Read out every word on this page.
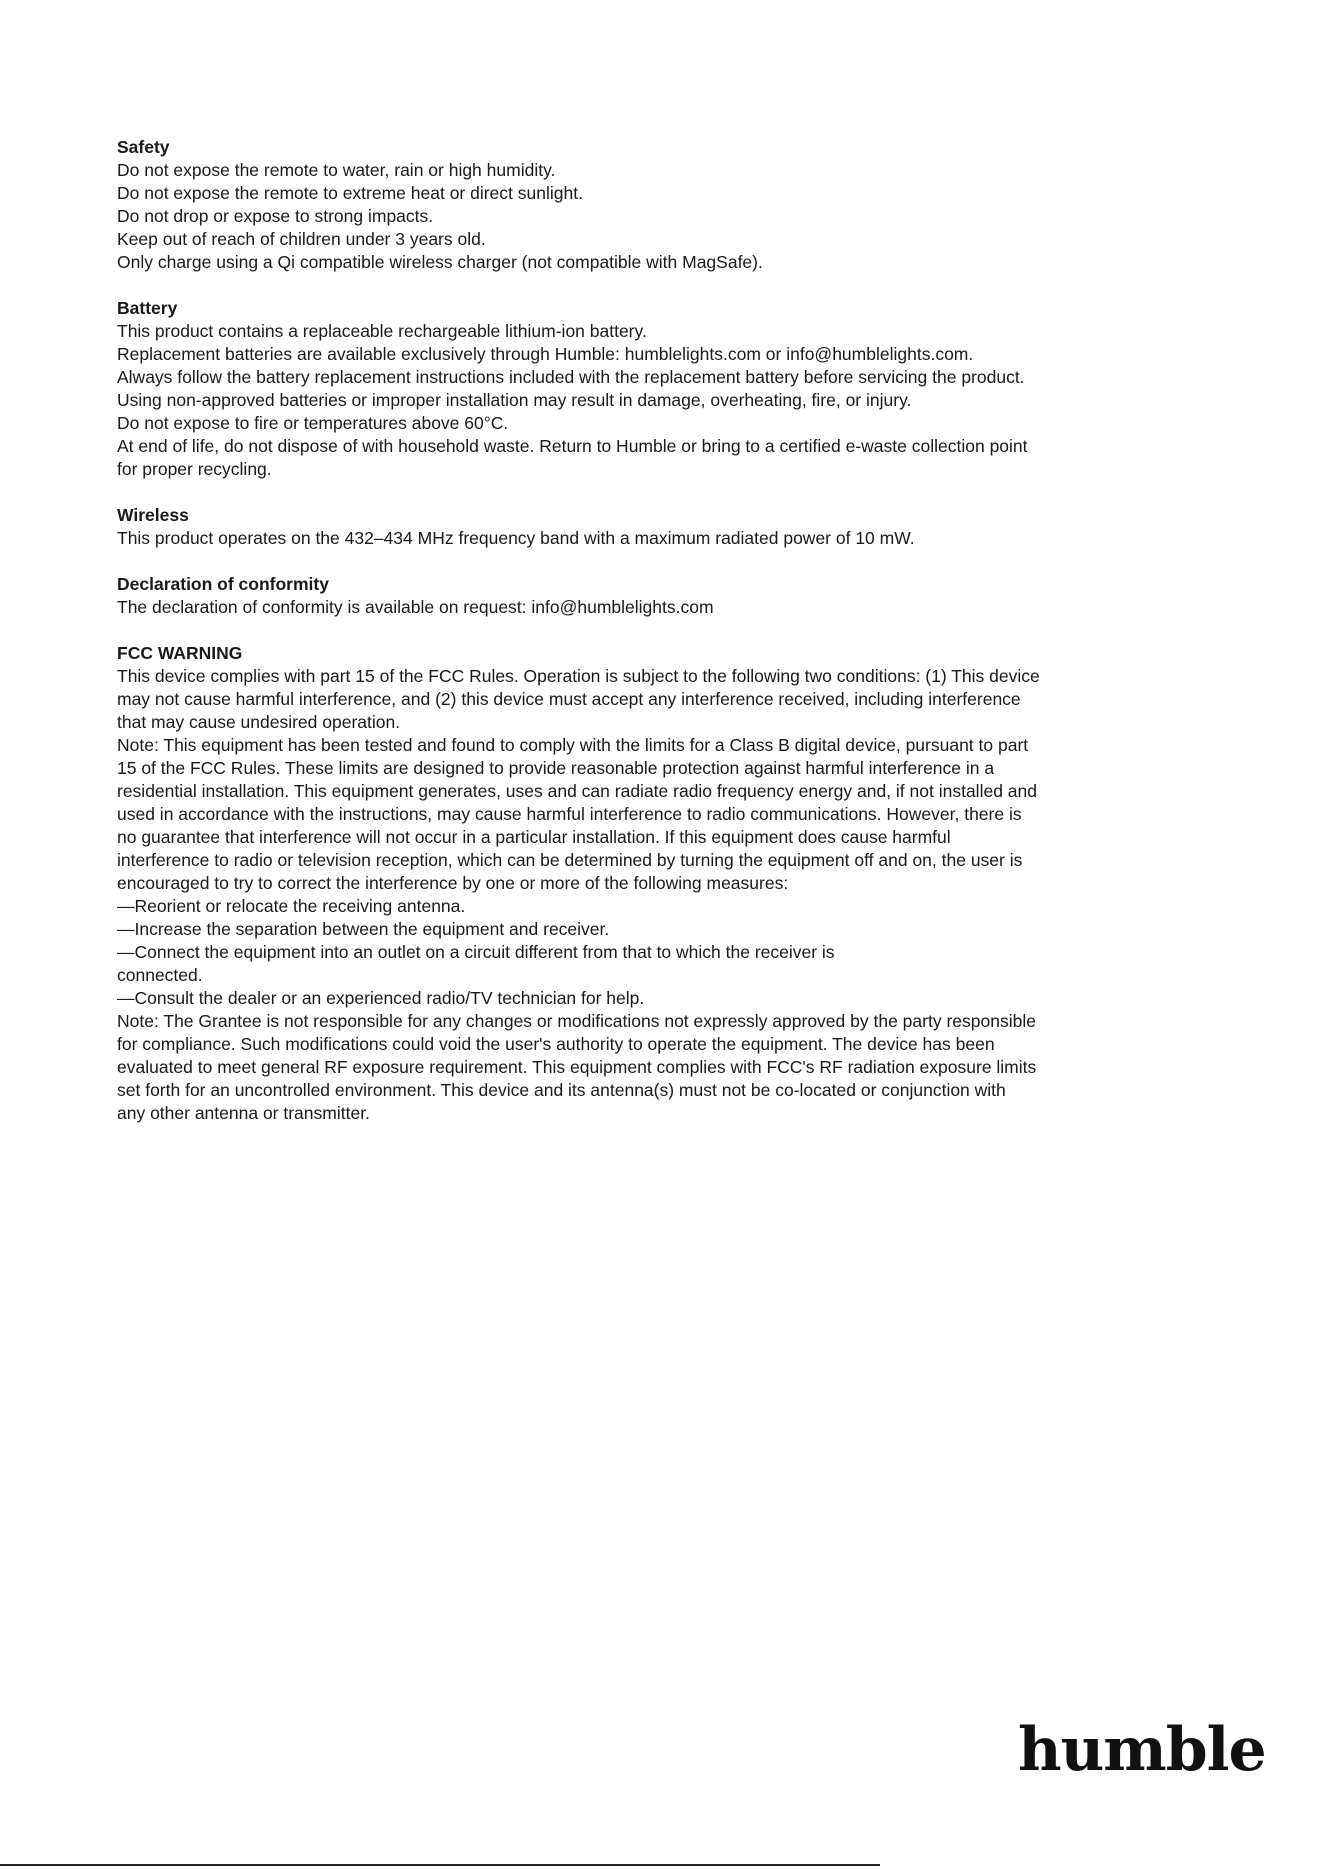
Safety

Do not expose the remote to water, rain or high humidity.

Do not expose the remote to extreme heat or direct sunlight.

Do not drop or expose to strong impacts.

Keep out of reach of children under 3 years old.

Only charge using a Qi compatible wireless charger (not compatible with MagSafe).

Battery

This product contains a replaceable rechargeable lithium-ion battery.

Replacement batteries are available exclusively through Humble: humblelights.com or info@humblelights.com.

Always follow the battery replacement instructions included with the replacement battery before servicing the product.

Using non-approved batteries or improper installation may result in damage, overheating, fire, or injury.

Do not expose to fire or temperatures above 60°C.

At end of life, do not dispose of with household waste. Return to Humble or bring to a certified e-waste collection point

for proper recycling.

Wireless

This product operates on the 432–434 MHz frequency band with a maximum radiated power of 10 mW.

Declaration of conformity

The declaration of conformity is available on request: info@humblelights.com

FCC WARNING

This device complies with part 15 of the FCC Rules. Operation is subject to the following two conditions: (1) This device

may not cause harmful interference, and (2) this device must accept any interference received, including interference

that may cause undesired operation.

Note: This equipment has been tested and found to comply with the limits for a Class B digital device, pursuant to part

15 of the FCC Rules. These limits are designed to provide reasonable protection against harmful interference in a

residential installation. This equipment generates, uses and can radiate radio frequency energy and, if not installed and

used in accordance with the instructions, may cause harmful interference to radio communications. However, there is

no guarantee that interference will not occur in a particular installation. If this equipment does cause harmful

interference to radio or television reception, which can be determined by turning the equipment off and on, the user is

encouraged to try to correct the interference by one or more of the following measures:

—Reorient or relocate the receiving antenna.

—Increase the separation between the equipment and receiver.

—Connect the equipment into an outlet on a circuit different from that to which the receiver is

connected.

—Consult the dealer or an experienced radio/TV technician for help.

Note: The Grantee is not responsible for any changes or modifications not expressly approved by the party responsible

for compliance. Such modifications could void the user's authority to operate the equipment. The device has been

evaluated to meet general RF exposure requirement. This equipment complies with FCC's RF radiation exposure limits

set forth for an uncontrolled environment. This device and its antenna(s) must not be co-located or conjunction with

any other antenna or transmitter.

humble
